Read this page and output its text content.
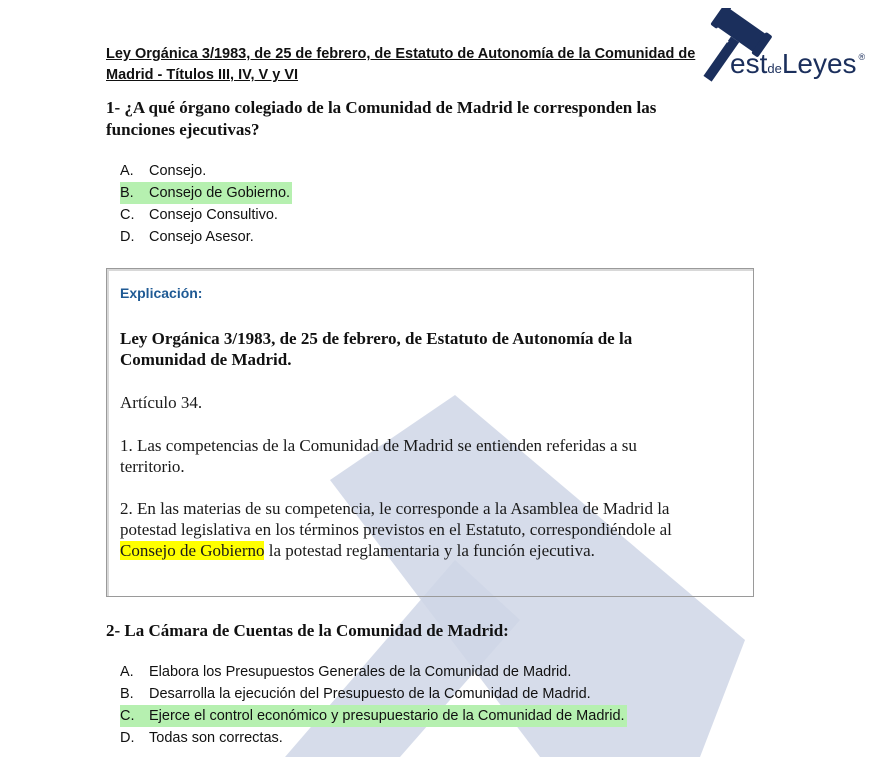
Ley Orgánica 3/1983, de 25 de febrero, de Estatuto de Autonomía de la Comunidad de
Madrid - Títulos III, IV, V y VI	estdeLeyes ®
1- ¿A qué órgano colegiado de la Comunidad de Madrid le corresponden las
funciones ejecutivas?
A. Consejo.
B. Consejo de Gobierno.
C. Consejo Consultivo.
D. Consejo Asesor.
Explicación:
Ley Orgánica 3/1983, de 25 de febrero, de Estatuto de Autonomía de la
Comunidad de Madrid.
Artículo 34.
1. Las competencias de la Comunidad de Madrid se entienden referidas a su
territorio.
2. En las materias de su competencia, le corresponde a la Asamblea de Madrid la
potestad legislativa en los términos previstos en el Estatuto, correspondiéndole al
Consejo de Gobierno la potestad reglamentaria y la función ejecutiva.
2- La Cámara de Cuentas de la Comunidad de Madrid:
A. Elabora los Presupuestos Generales de la Comunidad de Madrid.
B. Desarrolla la ejecución del Presupuesto de la Comunidad de Madrid.
C. Ejerce el control económico y presupuestario de la Comunidad de Madrid.
D. Todas son correctas.
